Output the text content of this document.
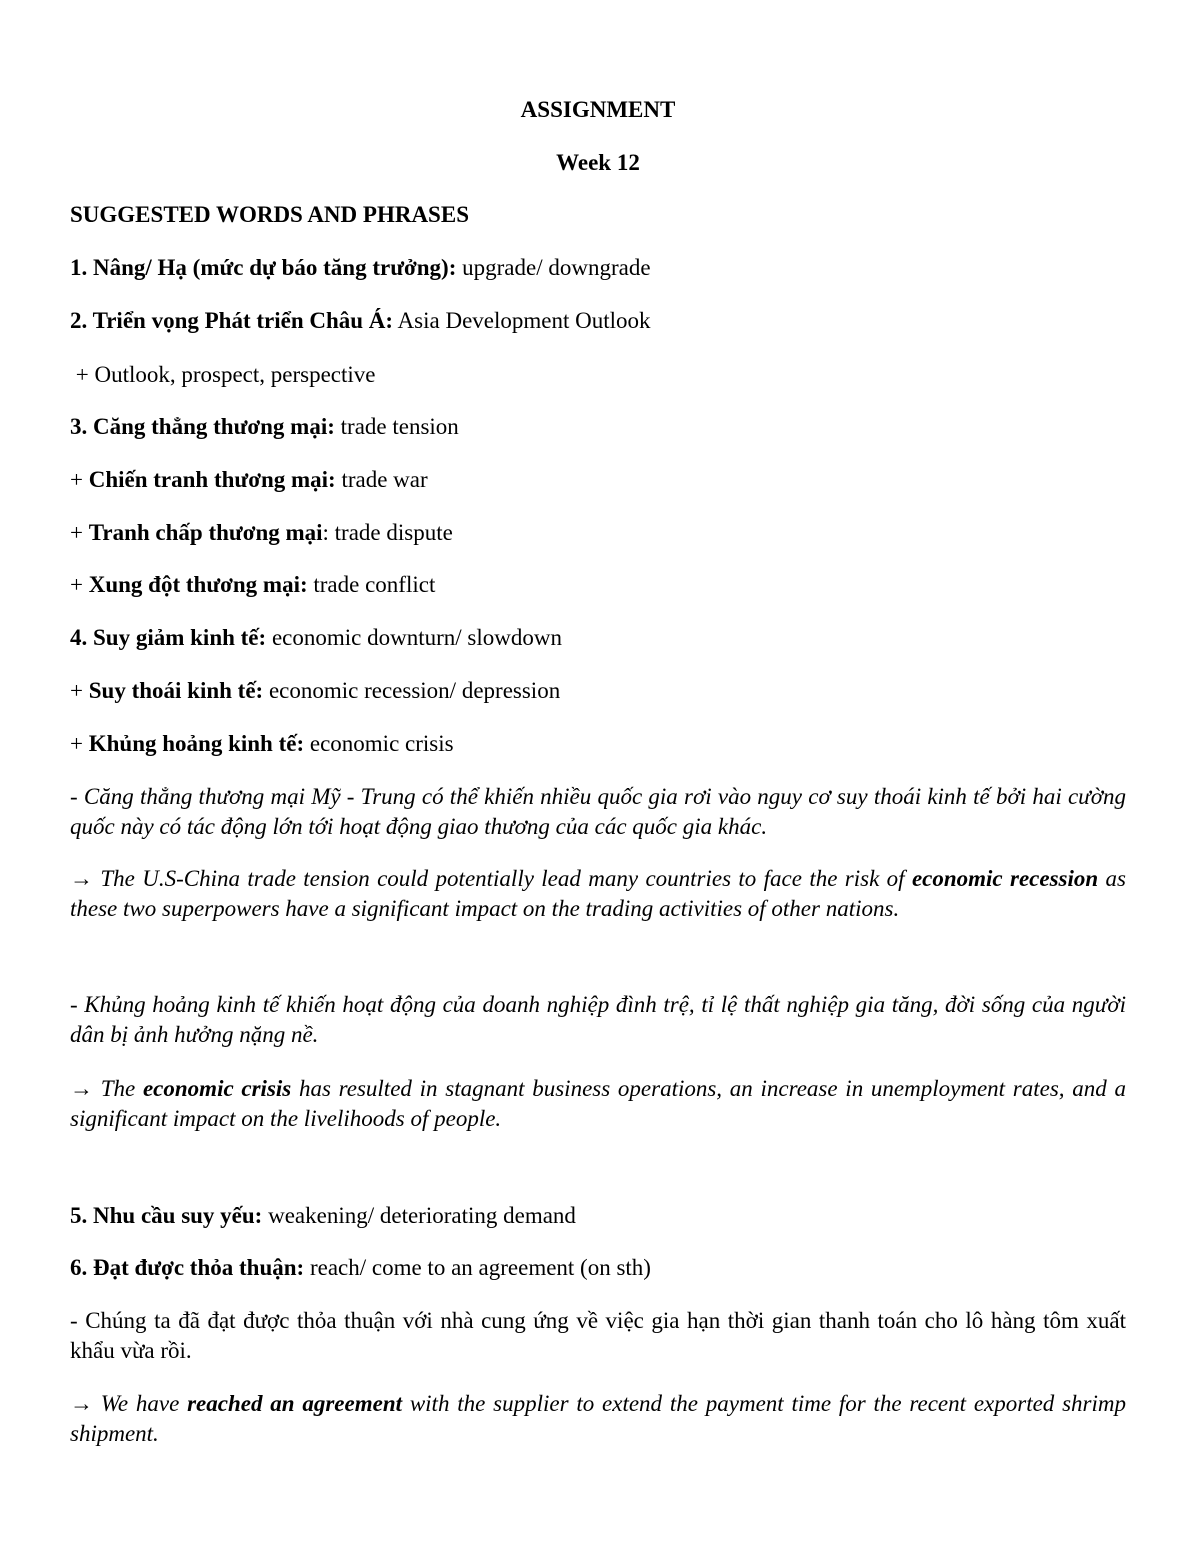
ASSIGNMENT
Week 12
SUGGESTED WORDS AND PHRASES
1. Nâng/ Hạ (mức dự báo tăng trưởng): upgrade/ downgrade
2. Triển vọng Phát triển Châu Á: Asia Development Outlook
+ Outlook, prospect, perspective
3. Căng thẳng thương mại: trade tension
+ Chiến tranh thương mại: trade war
+ Tranh chấp thương mại: trade dispute
+ Xung đột thương mại: trade conflict
4. Suy giảm kinh tế: economic downturn/ slowdown
+ Suy thoái kinh tế: economic recession/ depression
+ Khủng hoảng kinh tế: economic crisis
- Căng thẳng thương mại Mỹ - Trung có thể khiến nhiều quốc gia rơi vào nguy cơ suy thoái kinh tế bởi hai cường quốc này có tác động lớn tới hoạt động giao thương của các quốc gia khác.
→ The U.S-China trade tension could potentially lead many countries to face the risk of economic recession as these two superpowers have a significant impact on the trading activities of other nations.
- Khủng hoảng kinh tế khiến hoạt động của doanh nghiệp đình trệ, tỉ lệ thất nghiệp gia tăng, đời sống của người dân bị ảnh hưởng nặng nề.
→ The economic crisis has resulted in stagnant business operations, an increase in unemployment rates, and a significant impact on the livelihoods of people.
5. Nhu cầu suy yếu: weakening/ deteriorating demand
6. Đạt được thỏa thuận: reach/ come to an agreement (on sth)
- Chúng ta đã đạt được thỏa thuận với nhà cung ứng về việc gia hạn thời gian thanh toán cho lô hàng tôm xuất khẩu vừa rồi.
→ We have reached an agreement with the supplier to extend the payment time for the recent exported shrimp shipment.
